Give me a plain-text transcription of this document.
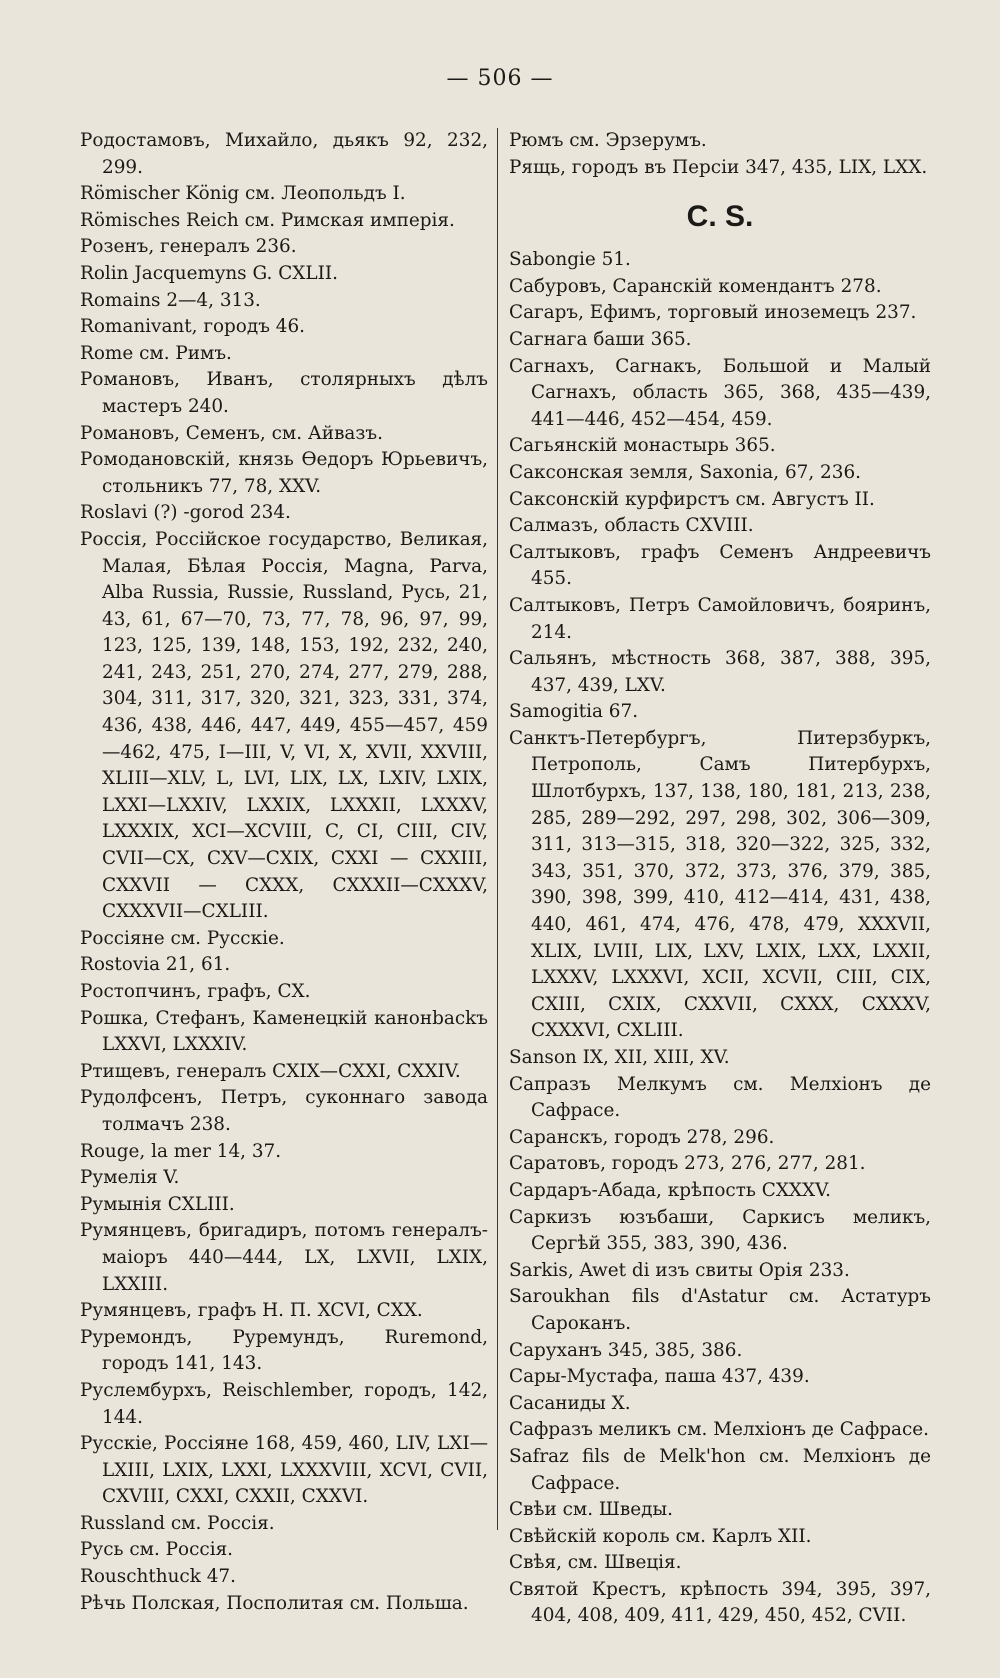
— 506 —
Родостамовъ, Михайло, дьякъ 92, 232, 299.
Römischer König см. Леопольдъ I.
Römisches Reich см. Римская имперія.
Розенъ, генералъ 236.
Rolin Jacquemyns G. CXLII.
Romains 2—4, 313.
Romanivant, городъ 46.
Rome см. Римъ.
Романовъ, Иванъ, столярныхъ дѣлъ мастеръ 240.
Романовъ, Семенъ, см. Айвазъ.
Ромодановскій, князь Өедоръ Юрьевичъ, стольникъ 77, 78, XXV.
Roslavi (?) -gorod 234.
Россія, Россійское государство, Великая, Малая, Бѣлая Россія, Magna, Parva, Alba Russia, Russie, Russland, Русь, 21, 43, 61, 67—70, 73, 77, 78, 96, 97, 99, 123, 125, 139, 148, 153, 192, 232, 240, 241, 243, 251, 270, 274, 277, 279, 288, 304, 311, 317, 320, 321, 323, 331, 374, 436, 438, 446, 447, 449, 455—457, 459—462, 475, I—III, V, VI, X, XVII, XXVIII, XLIII—XLV, L, LVI, LIX, LX, LXIV, LXIX, LXXI—LXXIV, LXXIX, LXXXII, LXXXV, LXXXIX, XCI—XCVIII, C, CI, CIII, CIV, CVII—CX, CXV—CXIX, CXXI — CXXIII, CXXVII — CXXX, CXXXII—CXXXV, CXXXVII—CXLIII.
Россіяне см. Русскіе.
Rostovia 21, 61.
Ростопчинъ, графъ, CX.
Рошка, Стефанъ, Каменецкій канонbackъ LXXVI, LXXXIV.
Ртищевъ, генералъ CXIX—CXXI, CXXIV.
Рудолфсенъ, Петръ, суконнаго завода толмачъ 238.
Rouge, la mer 14, 37.
Румелія V.
Румынія CXLIII.
Румянцевъ, бригадиръ, потомъ генералъ-маіоръ 440—444, LX, LXVII, LXIX, LXXIII.
Румянцевъ, графъ Н. П. XCVI, CXX.
Руремондъ, Руремундъ, Ruremond, городъ 141, 143.
Руслембурхъ, Reischlember, городъ, 142, 144.
Русскіе, Россіяне 168, 459, 460, LIV, LXI—LXIII, LXIX, LXXI, LXXXVIII, XCVI, CVII, CXVIII, CXXI, CXXII, CXXVI.
Russland см. Россія.
Русь см. Россія.
Rouschthuck 47.
Рѣчь Полская, Посполитая см. Польша.
Рюмъ см. Эрзерумъ.
Рящь, городъ въ Персіи 347, 435, LIX, LXX.
С. S.
Sabongie 51.
Сабуровъ, Саранскій комендантъ 278.
Сагаръ, Ефимъ, торговый иноземецъ 237.
Сагнага баши 365.
Сагнахъ, Сагнакъ, Большой и Малый Сагнахъ, область 365, 368, 435—439, 441—446, 452—454, 459.
Сагьянскій монастырь 365.
Саксонская земля, Saxonia, 67, 236.
Саксонскій курфирстъ см. Августъ II.
Салмазъ, область CXVIII.
Салтыковъ, графъ Семенъ Андреевичъ 455.
Салтыковъ, Петръ Самойловичъ, бояринъ, 214.
Сальянъ, мѣстность 368, 387, 388, 395, 437, 439, LXV.
Samogitia 67.
Санктъ-Петербургъ, Питерзбуркъ, Петрополь, Самъ Питербурхъ, Шлотбурхъ, 137, 138, 180, 181, 213, 238, 285, 289—292, 297, 298, 302, 306—309, 311, 313—315, 318, 320—322, 325, 332, 343, 351, 370, 372, 373, 376, 379, 385, 390, 398, 399, 410, 412—414, 431, 438, 440, 461, 474, 476, 478, 479, XXXVII, XLIX, LVIII, LIX, LXV, LXIX, LXX, LXXII, LXXXV, LXXXVI, XCII, XCVII, CIII, CIX, CXIII, CXIX, CXXVII, CXXX, CXXXV, CXXXVI, CXLIII.
Sanson IX, XII, XIII, XV.
Сапразъ Мелкумъ см. Мелхіонъ де Сафрасе.
Саранскъ, городъ 278, 296.
Саратовъ, городъ 273, 276, 277, 281.
Сардаръ-Абада, крѣпость CXXXV.
Саркизъ юзъбаши, Саркисъ меликъ, Сергѣй 355, 383, 390, 436.
Sarkis, Awet di изъ свиты Орія 233.
Saroukhan fils d'Astatur см. Астатуръ Сароканъ.
Саруханъ 345, 385, 386.
Сары-Мустафа, паша 437, 439.
Сасаниды X.
Сафразъ меликъ см. Мелхіонъ де Сафрасе.
Safraz fils de Melk'hon см. Мелхіонъ де Сафрасе.
Свѣи см. Шведы.
Свѣйскій король см. Карлъ XII.
Свѣя, см. Швеція.
Святой Крестъ, крѣпость 394, 395, 397, 404, 408, 409, 411, 429, 450, 452, CVII.
